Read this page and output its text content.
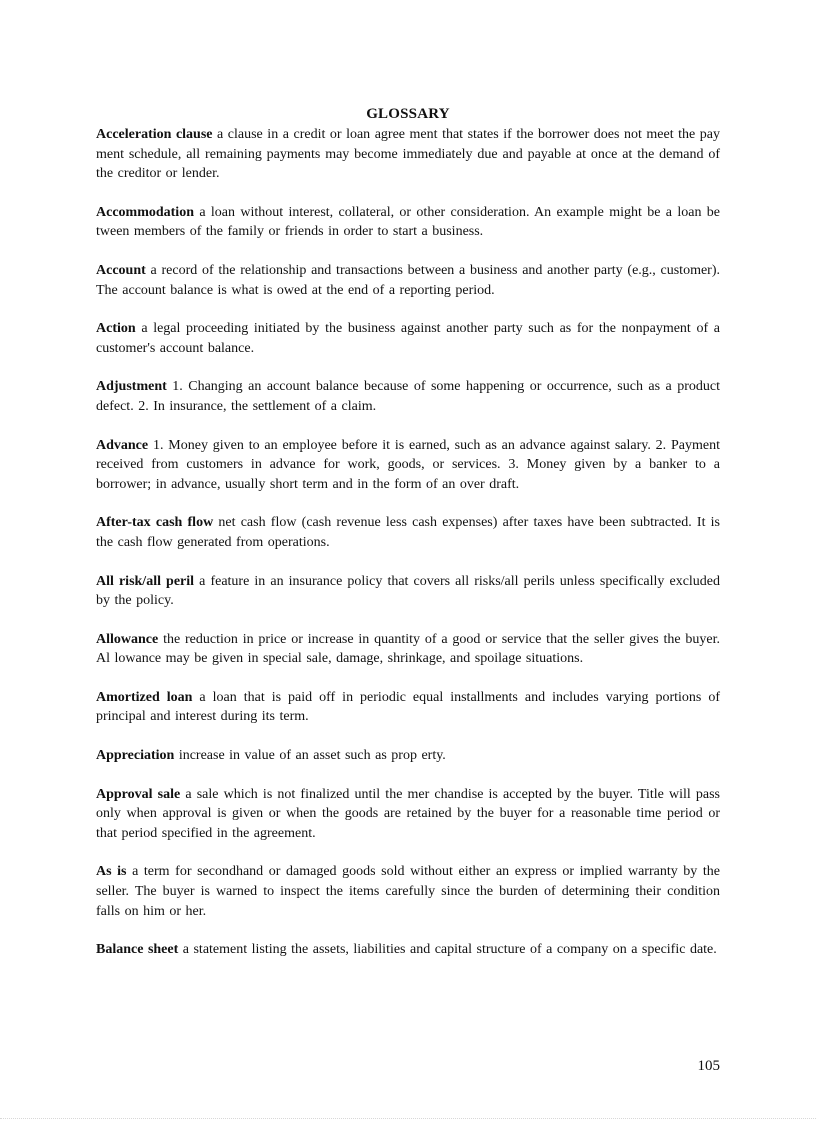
GLOSSARY

Acceleration clause a clause in a credit or loan agree ment that states if the borrower does not meet the pay ment schedule, all remaining payments may become immediately due and payable at once at the demand of the creditor or lender.

Accommodation a loan without interest, collateral, or other consideration. An example might be a loan be tween members of the family or friends in order to start a business.

Account a record of the relationship and transactions between a business and another party (e.g., customer). The account balance is what is owed at the end of a reporting period.

Action a legal proceeding initiated by the business against another party such as for the nonpayment of a customer's account balance.

Adjustment 1. Changing an account balance because of some happening or occurrence, such as a product defect. 2. In insurance, the settlement of a claim.

Advance 1. Money given to an employee before it is earned, such as an advance against salary. 2. Payment received from customers in advance for work, goods, or services. 3. Money given by a banker to a borrower; in advance, usually short term and in the form of an over draft.

After-tax cash flow net cash flow (cash revenue less cash expenses) after taxes have been subtracted. It is the cash flow generated from operations.

All risk/all peril a feature in an insurance policy that covers all risks/all perils unless specifically excluded by the policy.

Allowance the reduction in price or increase in quantity of a good or service that the seller gives the buyer. Al lowance may be given in special sale, damage, shrinkage, and spoilage situations.

Amortized loan a loan that is paid off in periodic equal installments and includes varying portions of principal and interest during its term.

Appreciation increase in value of an asset such as prop erty.

Approval sale a sale which is not finalized until the mer chandise is accepted by the buyer. Title will pass only when approval is given or when the goods are retained by the buyer for a reasonable time period or that period specified in the agreement.

As is a term for secondhand or damaged goods sold without either an express or implied warranty by the seller. The buyer is warned to inspect the items carefully since the burden of determining their condition falls on him or her.

Balance sheet a statement listing the assets, liabilities and capital structure of a company on a specific date.

105
